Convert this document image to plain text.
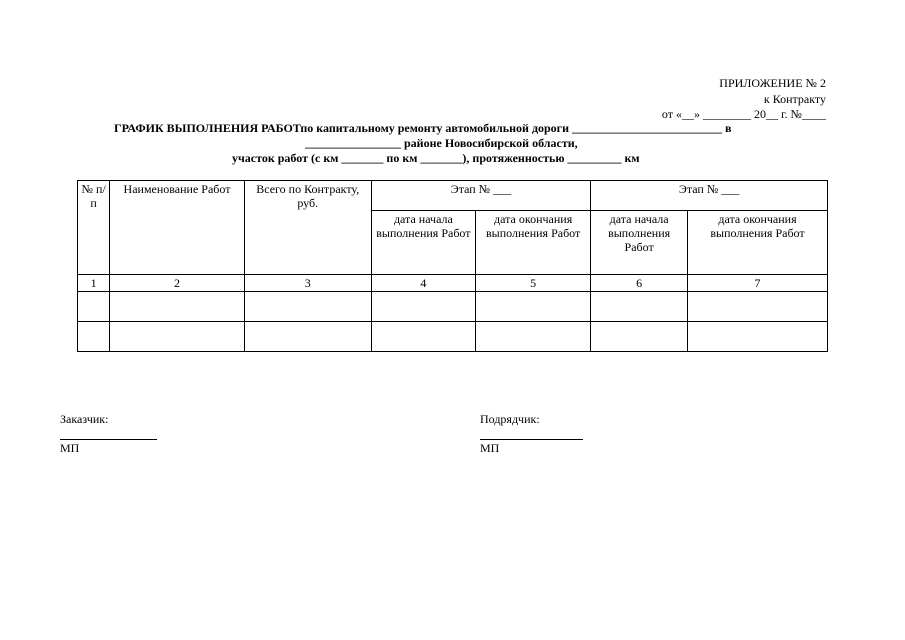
ПРИЛОЖЕНИЕ № 2
к Контракту
от «__» ________ 20__ г. №____
ГРАФИК ВЫПОЛНЕНИЯ РАБОТпо капитальному ремонту автомобильной дороги _________________________ в
________________ районе Новосибирской области,
участок работ (с км _______ по км _______), протяженностью _________ км
№ п/п	Наименование Работ	Всего по Контракту, руб.	Этап № ___		Этап № ___	
			дата начала выполнения Работ	дата окончания выполнения Работ	дата начала выполнения Работ	дата окончания выполнения Работ
1	2	3	4	5	6	7

Заказчик:
МП
Подрядчик:
МП
